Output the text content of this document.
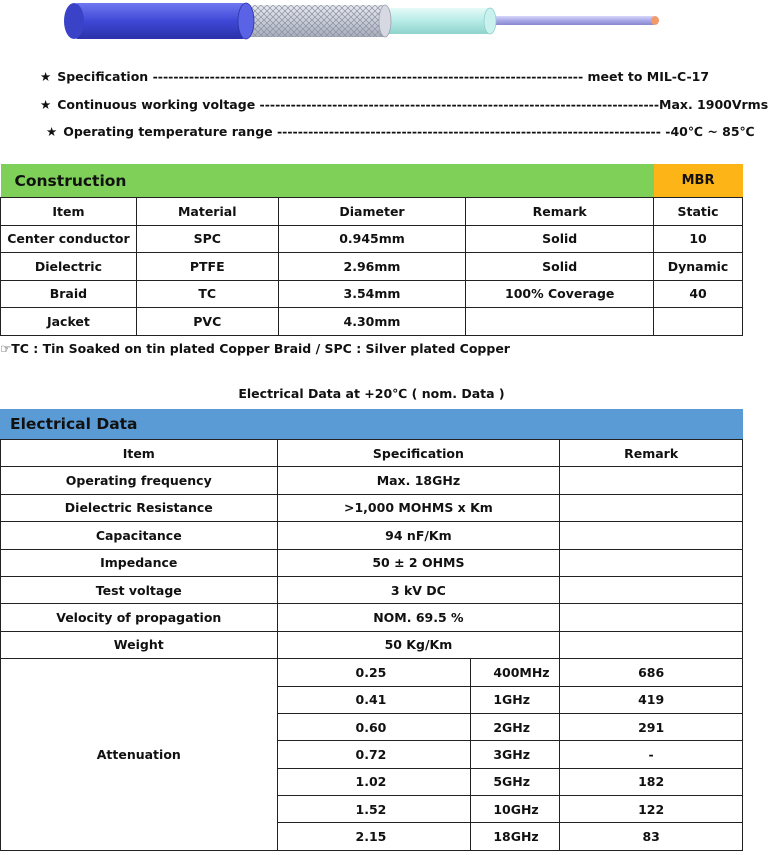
★ Specification ----------------------------------------------------------------------------------- meet to MIL-C-17
★ Continuous working voltage -----------------------------------------------------------------------------Max. 1900Vrms
★ Operating temperature range -------------------------------------------------------------------------- -40℃ ~ 85℃
Construction				MBR
Item	Material	Diameter	Remark	Static
Center conductor	SPC	0.945mm	Solid	10
Dielectric	PTFE	2.96mm	Solid	Dynamic
Braid	TC	3.54mm	100% Coverage	40
Jacket	PVC	4.30mm		
☞TC : Tin Soaked on tin plated Copper Braid / SPC : Silver plated Copper
Electrical Data at +20℃ ( nom. Data )
Electrical Data
Item	Specification		Remark
Operating frequency	Max. 18GHz		
Dielectric Resistance	>1,000 MOHMS x Km		
Capacitance	94 nF/Km		
Impedance	50 ± 2 OHMS		
Test voltage	3 kV DC		
Velocity of propagation	NOM. 69.5 %		
Weight	50 Kg/Km		
Attenuation	0.25	400MHz	686
	0.41	1GHz	419
	0.60	2GHz	291
	0.72	3GHz	-
	1.02	5GHz	182
	1.52	10GHz	122
	2.15	18GHz	83
